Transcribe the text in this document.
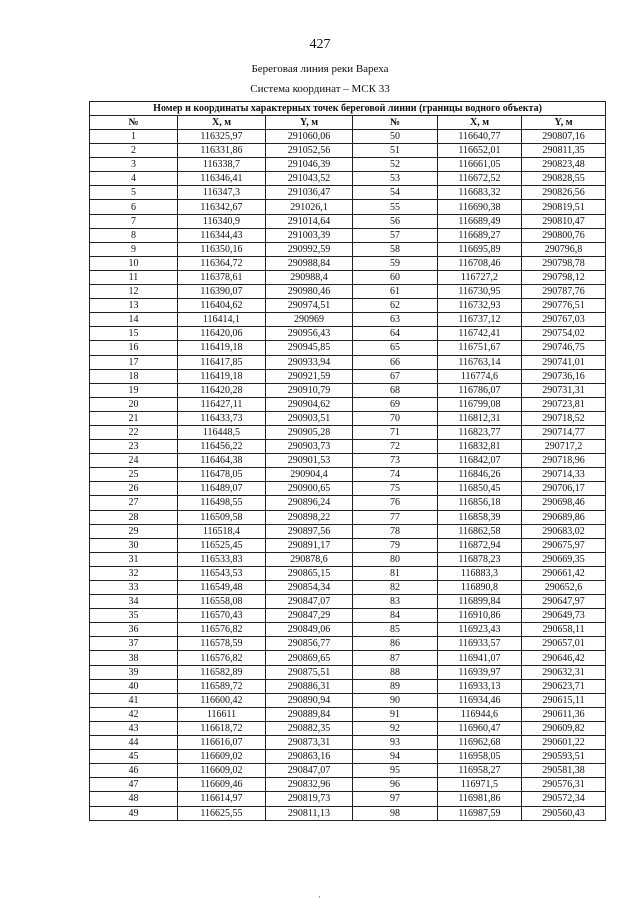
427
Береговая линия реки Вареха
Система координат – МСК 33
Номер и координаты характерных точек береговой линии (границы водного объекта)					
№	X, м	Y, м	№	X, м	Y, м
1	116325,97	291060,06	50	116640,77	290807,16
2	116331,86	291052,56	51	116652,01	290811,35
3	116338,7	291046,39	52	116661,05	290823,48
4	116346,41	291043,52	53	116672,52	290828,55
5	116347,3	291036,47	54	116683,32	290826,56
6	116342,67	291026,1	55	116690,38	290819,51
7	116340,9	291014,64	56	116689,49	290810,47
8	116344,43	291003,39	57	116689,27	290800,76
9	116350,16	290992,59	58	116695,89	290796,8
10	116364,72	290988,84	59	116708,46	290798,78
11	116378,61	290988,4	60	116727,2	290798,12
12	116390,07	290980,46	61	116730,95	290787,76
13	116404,62	290974,51	62	116732,93	290776,51
14	116414,1	290969	63	116737,12	290767,03
15	116420,06	290956,43	64	116742,41	290754,02
16	116419,18	290945,85	65	116751,67	290746,75
17	116417,85	290933,94	66	116763,14	290741,01
18	116419,18	290921,59	67	116774,6	290736,16
19	116420,28	290910,79	68	116786,07	290731,31
20	116427,11	290904,62	69	116799,08	290723,81
21	116433,73	290903,51	70	116812,31	290718,52
22	116448,5	290905,28	71	116823,77	290714,77
23	116456,22	290903,73	72	116832,81	290717,2
24	116464,38	290901,53	73	116842,07	290718,96
25	116478,05	290904,4	74	116846,26	290714,33
26	116489,07	290900,65	75	116850,45	290706,17
27	116498,55	290896,24	76	116856,18	290698,46
28	116509,58	290898,22	77	116858,39	290689,86
29	116518,4	290897,56	78	116862,58	290683,02
30	116525,45	290891,17	79	116872,94	290675,97
31	116533,83	290878,6	80	116878,23	290669,35
32	116543,53	290865,15	81	116883,3	290661,42
33	116549,48	290854,34	82	116890,8	290652,6
34	116558,08	290847,07	83	116899,84	290647,97
35	116570,43	290847,29	84	116910,86	290649,73
36	116576,82	290849,06	85	116923,43	290658,11
37	116578,59	290856,77	86	116933,57	290657,01
38	116576,82	290869,65	87	116941,07	290646,42
39	116582,89	290875,51	88	116939,97	290632,31
40	116589,72	290886,31	89	116933,13	290623,71
41	116600,42	290890,94	90	116934,46	290615,11
42	116611	290889,84	91	116944,6	290611,36
43	116618,72	290882,35	92	116960,47	290609,82
44	116616,07	290873,31	93	116962,68	290601,22
45	116609,02	290863,16	94	116958,05	290593,51
46	116609,02	290847,07	95	116958,27	290581,38
47	116609,46	290832,96	96	116971,5	290576,31
48	116614,97	290819,73	97	116981,86	290572,34
49	116625,55	290811,13	98	116987,59	290560,43
·
